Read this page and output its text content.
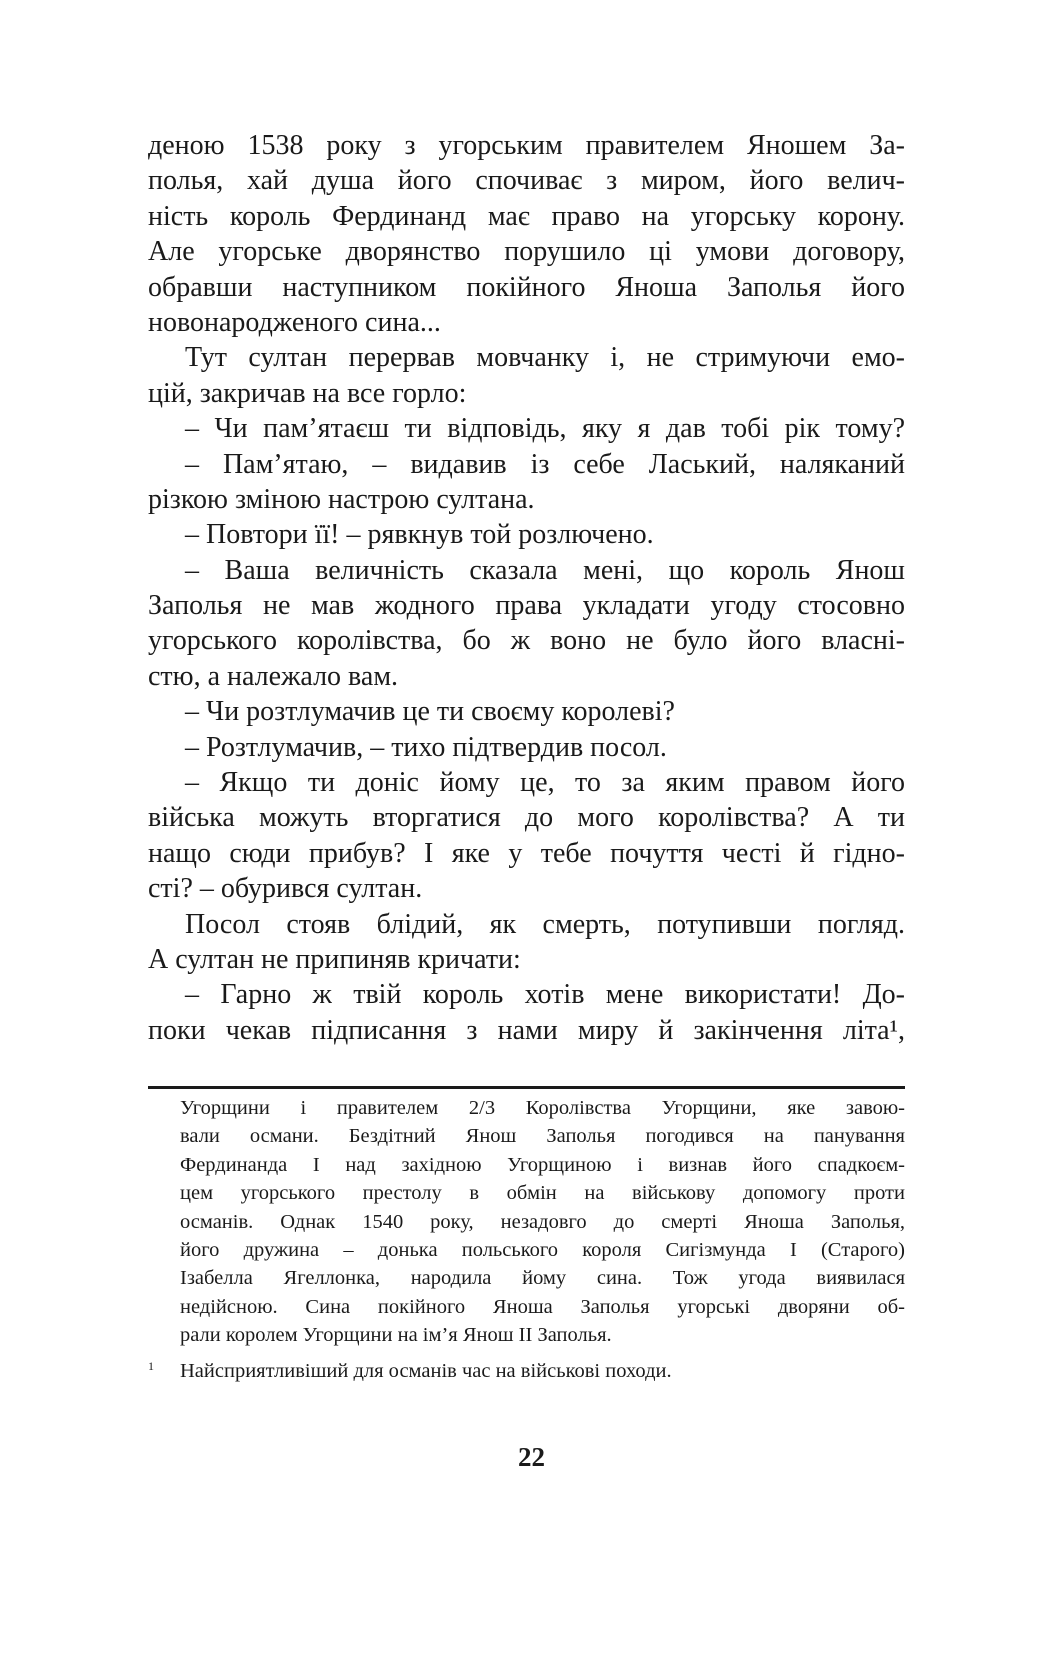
деною 1538 року з угорським правителем Яношем За-
полья, хай душа його спочиває з миром, його велич-
ність король Фердинанд має право на угорську корону.
Але угорське дворянство порушило ці умови договору,
обравши наступником покійного Яноша Заполья його
новонародженого сина...
Тут султан перервав мовчанку і, не стримуючи емо-
цій, закричав на все горло:
– Чи пам’ятаєш ти відповідь, яку я дав тобі рік тому?
– Пам’ятаю, – видавив із себе Ласький, наляканий
різкою зміною настрою султана.
– Повтори її! – рявкнув той розлючено.
– Ваша величність сказала мені, що король Янош
Заполья не мав жодного права укладати угоду стосовно
угорського королівства, бо ж воно не було його власні-
стю, а належало вам.
– Чи розтлумачив це ти своєму королеві?
– Розтлумачив, – тихо підтвердив посол.
– Якщо ти доніс йому це, то за яким правом його
війська можуть вторгатися до мого королівства? А ти
нащо сюди прибув? І яке у тебе почуття честі й гідно-
сті? – обурився султан.
Посол стояв блідий, як смерть, потупивши погляд.
А султан не припиняв кричати:
– Гарно ж твій король хотів мене використати! До-
поки чекав підписання з нами миру й закінчення літа¹,
Угорщини і правителем 2/3 Королівства Угорщини, яке завою-
вали османи. Бездітний Янош Заполья погодився на панування
Фердинанда І над західною Угорщиною і визнав його спадкоєм-
цем угорського престолу в обмін на військову допомогу проти
османів. Однак 1540 року, незадовго до смерті Яноша Заполья,
його дружина – донька польського короля Сигізмунда І (Старого)
Ізабелла Ягеллонка, народила йому сина. Тож угода виявилася
недійсною. Сина покійного Яноша Заполья угорські дворяни об-
рали королем Угорщини на ім’я Янош ІІ Заполья.
1 Найсприятливіший для османів час на військові походи.
22
